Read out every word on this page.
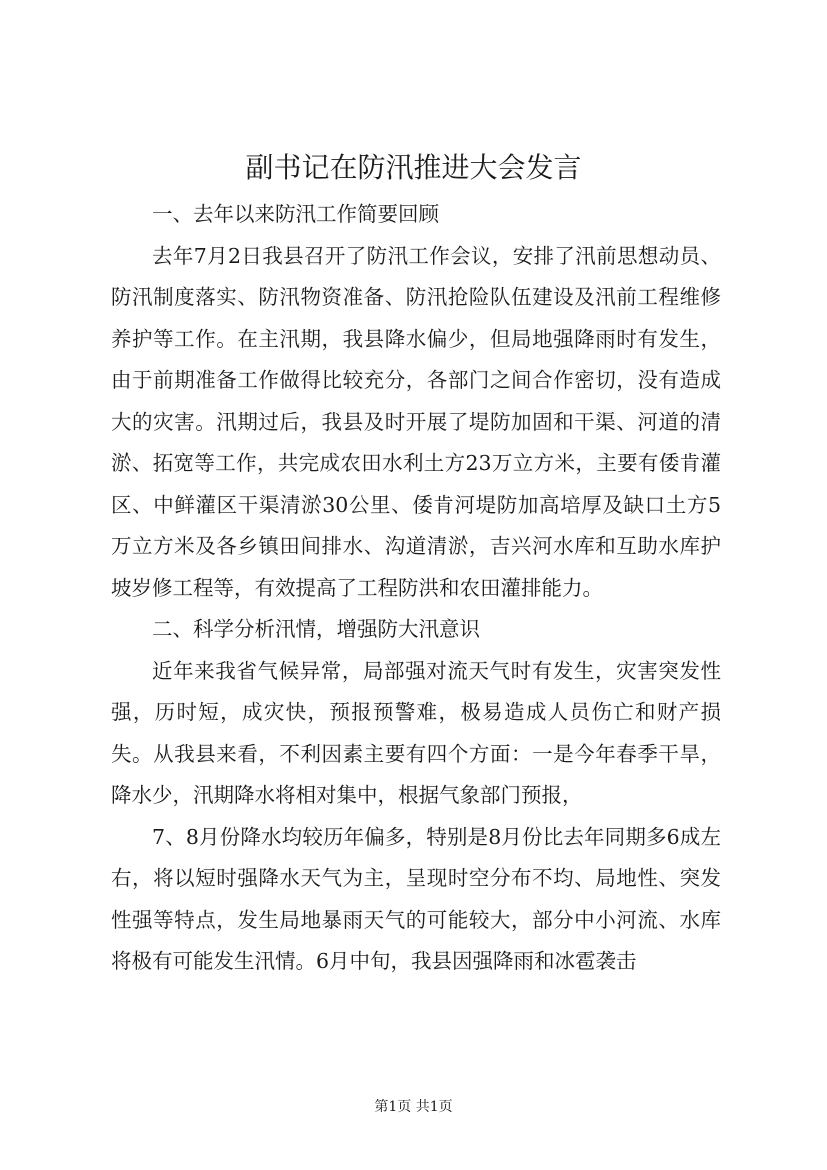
副书记在防汛推进大会发言

一、去年以来防汛工作简要回顾

去年7月2日我县召开了防汛工作会议，安排了汛前思想动员、防汛制度落实、防汛物资准备、防汛抢险队伍建设及汛前工程维修养护等工作。在主汛期，我县降水偏少，但局地强降雨时有发生，由于前期准备工作做得比较充分，各部门之间合作密切，没有造成大的灾害。汛期过后，我县及时开展了堤防加固和干渠、河道的清淤、拓宽等工作，共完成农田水利土方23万立方米，主要有倭肯灌区、中鲜灌区干渠清淤30公里、倭肯河堤防加高培厚及缺口土方5万立方米及各乡镇田间排水、沟道清淤，吉兴河水库和互助水库护坡岁修工程等，有效提高了工程防洪和农田灌排能力。

二、科学分析汛情，增强防大汛意识

近年来我省气候异常，局部强对流天气时有发生，灾害突发性强，历时短，成灾快，预报预警难，极易造成人员伤亡和财产损失。从我县来看，不利因素主要有四个方面：一是今年春季干旱，降水少，汛期降水将相对集中，根据气象部门预报，

7、8月份降水均较历年偏多，特别是8月份比去年同期多6成左右，将以短时强降水天气为主，呈现时空分布不均、局地性、突发性强等特点，发生局地暴雨天气的可能较大，部分中小河流、水库将极有可能发生汛情。6月中旬，我县因强降雨和冰雹袭击

第1页 共1页
